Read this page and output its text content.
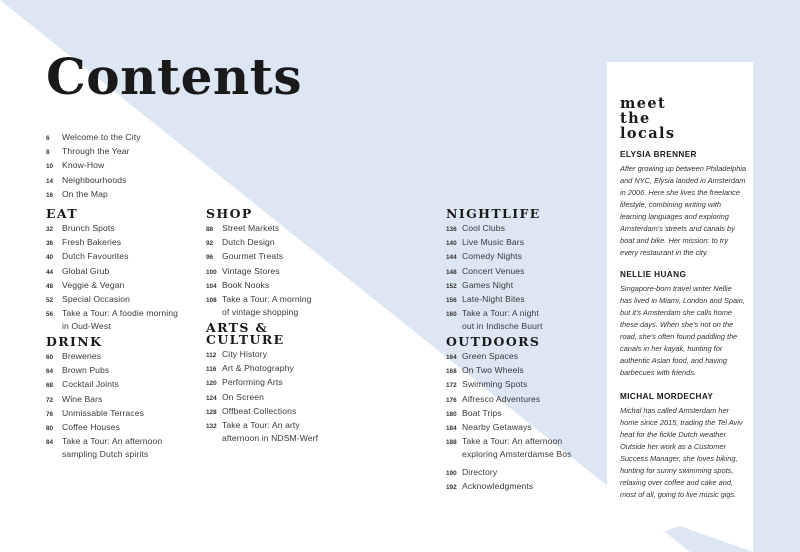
Contents
6	Welcome to the City
8	Through the Year
10	Know-How
14	Neighbourhoods
16	On the Map
EAT
32	Brunch Spots
36	Fresh Bakeries
40	Dutch Favourites
44	Global Grub
48	Veggie & Vegan
52	Special Occasion
56	Take a Tour: A foodie morning
in Oud-West
DRINK
60	Breweries
64	Brown Pubs
68	Cocktail Joints
72	Wine Bars
76	Unmissable Terraces
80	Coffee Houses
84	Take a Tour: An afternoon
sampling Dutch spirits
SHOP
88	Street Markets
92	Dutch Design
96	Gourmet Treats
100 Vintage Stores
104 Book Nooks
108 Take a Tour: A morning
of vintage shopping
ARTS &
CULTURE
112 City History
116 Art & Photography
120 Performing Arts
124 On Screen
128 Offbeat Collections
132 Take a Tour: An arty
afternoon in NDSM-Werf
NIGHTLIFE
136 Cool Clubs
140 Live Music Bars
144 Comedy Nights
148 Concert Venues
152 Games Night
156 Late-Night Bites
160 Take a Tour: A night
out in Indische Buurt
OUTDOORS
164 Green Spaces
168 On Two Wheels
172 Swimming Spots
176 Alfresco Adventures
180 Boat Trips
184 Nearby Getaways
188 Take a Tour: An afternoon
exploring Amsterdamse Bos
190 Directory
192 Acknowledgments
meet
the
locals

ELYSIA BRENNER

After growing up between Philadelphia
and NYC, Elysia landed in Amsterdam
in 2006. Here she lives the freelance
lifestyle, combining writing with
learning languages and exploring
Amsterdam's streets and canals by
boat and bike. Her mission: to try
every restaurant in the city.

NELLIE HUANG

Singapore-born travel writer Nellie
has lived in Miami, London and Spain,
but it's Amsterdam she calls home
these days. When she's not on the
road, she's often found paddling the
canals in her kayak, hunting for
authentic Asian food, and having
barbecues with friends.

MICHAL MORDECHAY

Michal has called Amsterdam her
home since 2015, trading the Tel Aviv
heat for the fickle Dutch weather.
Outside her work as a Customer
Success Manager, she loves biking,
hunting for sunny swimming spots,
relaxing over coffee and cake and,
most of all, going to live music gigs.
